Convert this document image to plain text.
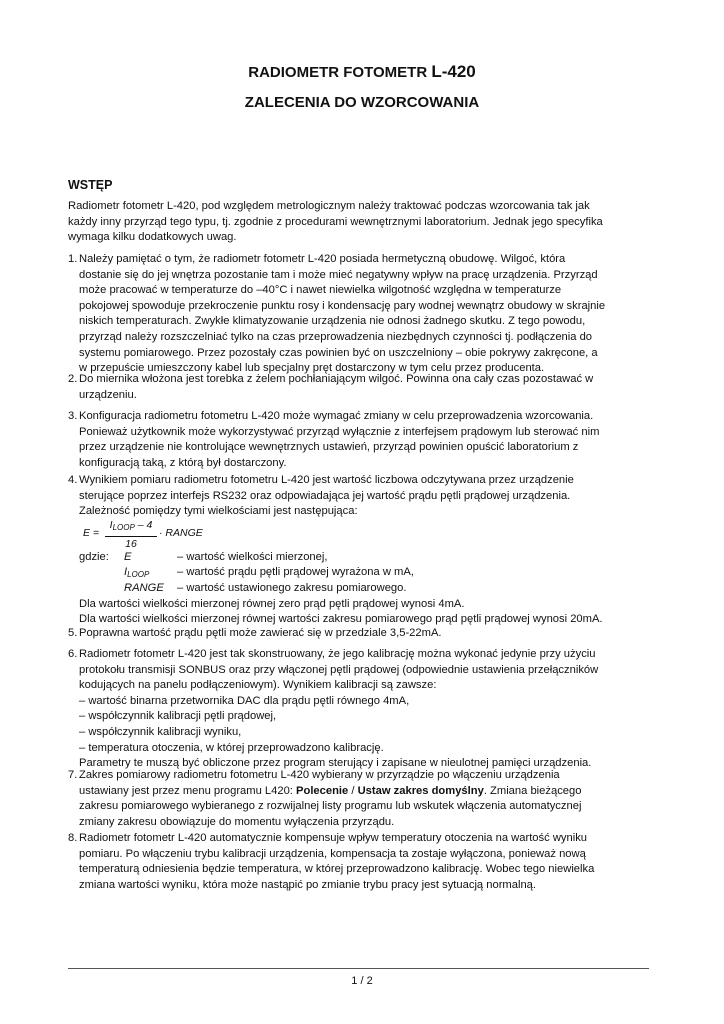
RADIOMETR FOTOMETR L-420
ZALECENIA DO WZORCOWANIA
WSTĘP
Radiometr fotometr L-420, pod względem metrologicznym należy traktować podczas wzorcowania tak jak
każdy inny przyrząd tego typu, tj. zgodnie z procedurami wewnętrznymi laboratorium. Jednak jego specyfika
wymaga kilku dodatkowych uwag.
1. Należy pamiętać o tym, że radiometr fotometr L-420 posiada hermetyczną obudowę. Wilgoć, która
dostanie się do jej wnętrza pozostanie tam i może mieć negatywny wpływ na pracę urządzenia. Przyrząd
może pracować w temperaturze do –40°C i nawet niewielka wilgotność względna w temperaturze
pokojowej spowoduje przekroczenie punktu rosy i kondensację pary wodnej wewnątrz obudowy w skrajnie
niskich temperaturach. Zwykłe klimatyzowanie urządzenia nie odnosi żadnego skutku. Z tego powodu,
przyrząd należy rozszczelniać tylko na czas przeprowadzenia niezbędnych czynności tj. podłączenia do
systemu pomiarowego. Przez pozostały czas powinien być on uszczelniony – obie pokrywy zakręcone, a
w przepuście umieszczony kabel lub specjalny pręt dostarczony w tym celu przez producenta.
2. Do miernika włożona jest torebka z żelem pochłaniającym wilgoć. Powinna ona cały czas pozostawać w
urządzeniu.
3. Konfiguracja radiometru fotometru L-420 może wymagać zmiany w celu przeprowadzenia wzorcowania.
Ponieważ użytkownik może wykorzystywać przyrząd wyłącznie z interfejsem prądowym lub sterować nim
przez urządzenie nie kontrolujące wewnętrznych ustawień, przyrząd powinien opuścić laboratorium z
konfiguracją taką, z którą był dostarczony.
4. Wynikiem pomiaru radiometru fotometru L-420 jest wartość liczbowa odczytywana przez urządzenie
sterujące poprzez interfejs RS232 oraz odpowiadająca jej wartość prądu pętli prądowej urządzenia.
Zależność pomiędzy tymi wielkościami jest następująca:
E =
$I_{LOOP} - 4$
16
· RANGE
gdzie: E	– wartość wielkości mierzonej,
$I_{LOOP}$ – wartość prądu pętli prądowej wyrażona w mA,
RANGE – wartość ustawionego zakresu pomiarowego.
Dla wartości wielkości mierzonej równej zero prąd pętli prądowej wynosi 4mA.
Dla wartości wielkości mierzonej równej wartości zakresu pomiarowego prąd pętli prądowej wynosi 20mA.
5. Poprawna wartość prądu pętli może zawierać się w przedziale 3,5-22mA.
6. Radiometr fotometr L-420 jest tak skonstruowany, że jego kalibrację można wykonać jedynie przy użyciu
protokołu transmisji SONBUS oraz przy włączonej pętli prądowej (odpowiednie ustawienia przełączników
kodujących na panelu podłączeniowym). Wynikiem kalibracji są zawsze:
– wartość binarna przetwornika DAC dla prądu pętli równego 4mA,
– współczynnik kalibracji pętli prądowej,
– współczynnik kalibracji wyniku,
– temperatura otoczenia, w której przeprowadzono kalibrację.
Parametry te muszą być obliczone przez program sterujący i zapisane w nieulotnej pamięci urządzenia.
7. Zakres pomiarowy radiometru fotometru L-420 wybierany w przyrządzie po włączeniu urządzenia
ustawiany jest przez menu programu L420: Polecenie / Ustaw zakres domyślny. Zmiana bieżącego
zakresu pomiarowego wybieranego z rozwijalnej listy programu lub wskutek włączenia automatycznej
zmiany zakresu obowiązuje do momentu wyłączenia przyrządu.
8. Radiometr fotometr L-420 automatycznie kompensuje wpływ temperatury otoczenia na wartość wyniku
pomiaru. Po włączeniu trybu kalibracji urządzenia, kompensacja ta zostaje wyłączona, ponieważ nową
temperaturą odniesienia będzie temperatura, w której przeprowadzono kalibrację. Wobec tego niewielka
zmiana wartości wyniku, która może nastąpić po zmianie trybu pracy jest sytuacją normalną.
1 / 2
